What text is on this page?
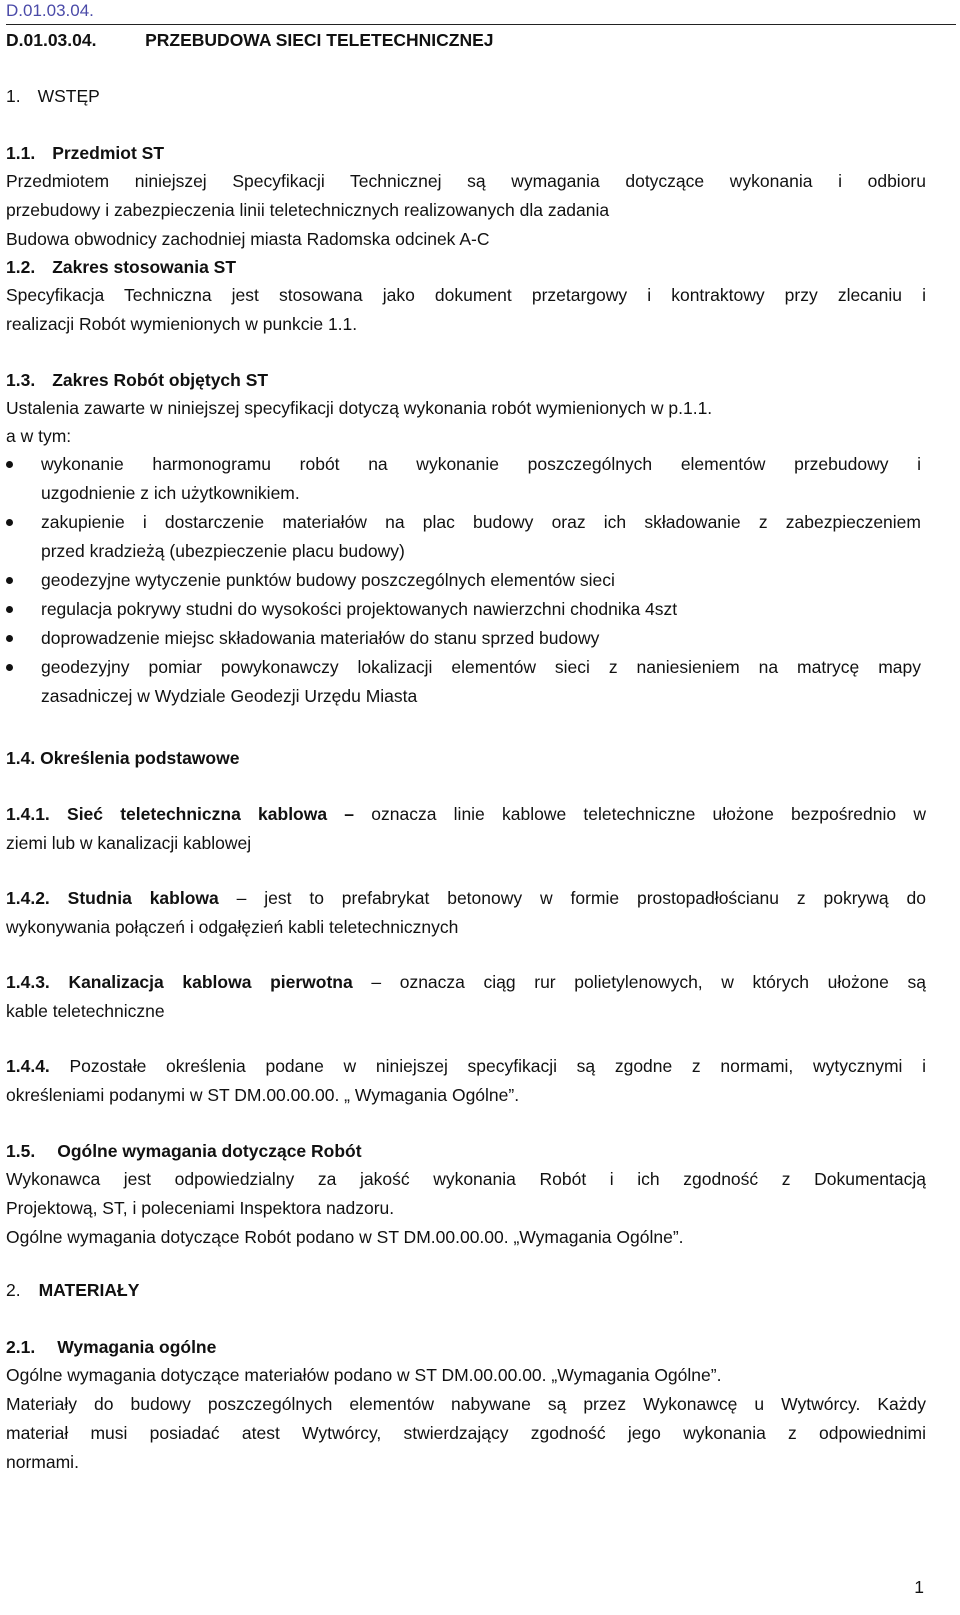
D.01.03.04.
D.01.03.04.	PRZEBUDOWA SIECI TELETECHNICZNEJ
1. WSTĘP
1.1. Przedmiot ST
Przedmiotem niniejszej Specyfikacji Technicznej są wymagania dotyczące wykonania i odbioru
przebudowy i zabezpieczenia linii teletechnicznych realizowanych dla zadania
Budowa obwodnicy zachodniej miasta Radomska odcinek A-C
1.2. Zakres stosowania ST
Specyfikacja Techniczna jest stosowana jako dokument przetargowy i kontraktowy przy zlecaniu i
realizacji Robót wymienionych w punkcie 1.1.
1.3. Zakres Robót objętych ST
Ustalenia zawarte w niniejszej specyfikacji dotyczą wykonania robót wymienionych w p.1.1.
a w tym:
wykonanie harmonogramu robót na wykonanie poszczególnych elementów przebudowy i
uzgodnienie z ich użytkownikiem.
zakupienie i dostarczenie materiałów na plac budowy oraz ich składowanie z zabezpieczeniem
przed kradzieżą (ubezpieczenie placu budowy)
geodezyjne wytyczenie punktów budowy poszczególnych elementów sieci
regulacja pokrywy studni do wysokości projektowanych nawierzchni chodnika 4szt
doprowadzenie miejsc składowania materiałów do stanu sprzed budowy
geodezyjny pomiar powykonawczy lokalizacji elementów sieci z naniesieniem na matrycę mapy
zasadniczej w Wydziale Geodezji Urzędu Miasta
1.4. Określenia podstawowe
1.4.1. Sieć teletechniczna kablowa – oznacza linie kablowe teletechniczne ułożone bezpośrednio w
ziemi lub w kanalizacji kablowej
1.4.2. Studnia kablowa – jest to prefabrykat betonowy w formie prostopadłościanu z pokrywą do
wykonywania połączeń i odgałęzień kabli teletechnicznych
1.4.3. Kanalizacja kablowa pierwotna – oznacza ciąg rur polietylenowych, w których ułożone są
kable teletechniczne
1.4.4. Pozostałe określenia podane w niniejszej specyfikacji są zgodne z normami, wytycznymi i
określeniami podanymi w ST DM.00.00.00. „ Wymagania Ogólne”.
1.5. Ogólne wymagania dotyczące Robót
Wykonawca jest odpowiedzialny za jakość wykonania Robót i ich zgodność z Dokumentacją
Projektową, ST, i poleceniami Inspektora nadzoru.
Ogólne wymagania dotyczące Robót podano w ST DM.00.00.00. „Wymagania Ogólne”.
2. MATERIAŁY
2.1. Wymagania ogólne
Ogólne wymagania dotyczące materiałów podano w ST DM.00.00.00. „Wymagania Ogólne”.
Materiały do budowy poszczególnych elementów nabywane są przez Wykonawcę u Wytwórcy. Każdy
materiał musi posiadać atest Wytwórcy, stwierdzający zgodność jego wykonania z odpowiednimi
normami.
1
